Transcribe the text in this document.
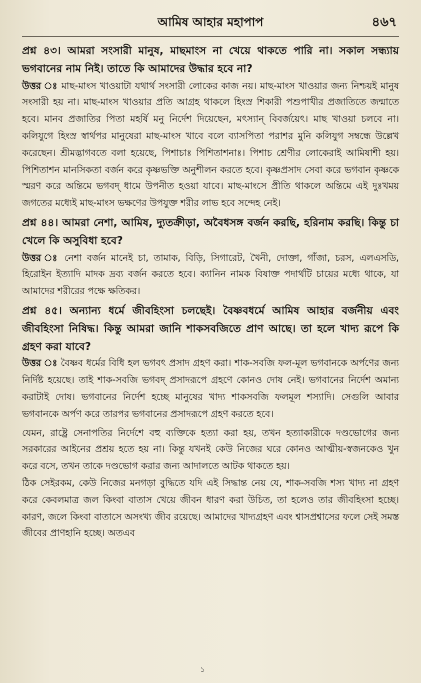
আমিষ আহার মহাপাপ	৪৬৭

প্রশ্ন ৪৩। আমরা সংসারী মানুষ, মাছমাংস না খেয়ে থাকতে পারি না। সকাল সন্ধ্যায় ভগবানের নাম নিই। তাতে কি আমাদের উদ্ধার হবে না?

উত্তর ঃ মাছ-মাংস খাওয়াটা যথার্থ সংসারী লোকের কাজ নয়। মাছ-মাংস খাওয়ার জন্য নিশ্চয়ই মানুষ সংসারী হয় না। মাছ-মাংস খাওয়ার প্রতি আগ্রহ থাকলে হিংস্র শিকারী পশুপাখীর প্রজাতিতে জন্মাতে হবে। মানব প্রজাতির পিতা মহর্ষি মনু নির্দেশ দিয়েছেন, মৎস্যান্ বিবর্জয়েৎ। মাছ খাওয়া চলবে না। কলিযুগে হিংস্র স্বার্থপর মানুষেরা মাছ-মাংস খাবে বলে ব্যাসপিতা পরাশর মুনি কলিযুগ সম্বন্ধে উল্লেখ করেছেন। শ্রীমদ্ভাগবতে বলা হয়েছে, পিশাচাঃ পিশিতাশনাঃ। পিশাচ শ্রেণীর লোকেরাই আমিষাশী হয়। পিশিতাশন মানসিকতা বর্জন করে কৃষ্ণভক্তি অনুশীলন করতে হবে। কৃষ্ণপ্রসাদ সেবা করে ভগবান কৃষ্ণকে স্মরণ করে অন্তিমে ভগবদ্ ধামে উপনীত হওয়া যাবে। মাছ-মাংসে প্রীতি থাকলে অন্তিমে এই দুঃখময় জগতের মধ্যেই মাছ-মাংস ভক্ষণের উপযুক্ত শরীর লাভ হবে সন্দেহ নেই।

প্রশ্ন ৪৪। আমরা নেশা, আমিষ, দ্যুতক্রীড়া, অবৈধসঙ্গ বর্জন করছি, হরিনাম করছি। কিন্তু চা খেলে কি অসুবিধা হবে?

উত্তর ঃ নেশা বর্জন মানেই চা, তামাক, বিড়ি, সিগারেট, খৈনী, দোক্তা, গাঁজা, চরস, এলএসডি, হিরোইন ইত্যাদি মাদক দ্রব্য বর্জন করতে হবে। ক্যানিন নামক বিষাক্ত পদার্থটি চায়ের মধ্যে থাকে, যা আমাদের শরীরের পক্ষে ক্ষতিকর।

প্রশ্ন ৪৫। অন্যান্য ধর্মে জীবহিংসা চলছেই। বৈষ্ণবধর্মে আমিষ আহার বর্জনীয় এবং জীবহিংসা নিষিদ্ধ। কিন্তু আমরা জানি শাকসবজিতে প্রাণ আছে। তা হলে খাদ্য রূপে কি গ্রহণ করা যাবে?

উত্তর ঃ বৈষ্ণব ধর্মের বিধি হল ভগবৎ প্রসাদ গ্রহণ করা। শাক-সবজি ফল-মূল ভগবানকে অর্পণের জন্য নির্দিষ্ট হয়েছে। তাই শাক-সবজি ভগবদ্ প্রসাদরূপে গ্রহণে কোনও দোষ নেই। ভগবানের নির্দেশ অমান্য করাটাই দোষ। ভগবানের নির্দেশ হচ্ছে মানুষের খাদ্য শাকসবজি ফলমূল শস্যাদি। সেগুলি আবার ভগবানকে অর্পণ করে তারপর ভগবানের প্রসাদরূপে গ্রহণ করতে হবে।

যেমন, রাষ্ট্রে সেনাপতির নির্দেশে বহু ব্যক্তিকে হত্যা করা হয়, তখন হত্যাকারীকে দণ্ডভোগের জন্য সরকারের আইনের প্রশ্রয় হতে হয় না। কিন্তু যখনই কেউ নিজের ঘরে কোনও আত্মীয়-স্বজনকেও খুন করে বসে, তখন তাকে দণ্ডভোগ করার জন্য আদালতে আটক থাকতে হয়।

ঠিক সেইরকম, কেউ নিজের মনগড়া বুদ্ধিতে যদি এই সিদ্ধান্ত নেয় যে, শাক-সবজি শস্য খাদ্য না গ্রহণ করে কেবলমাত্র জল কিংবা বাতাস খেয়ে জীবন ধারণ করা উচিত, তা হলেও তার জীবহিংসা হচ্ছে। কারণ, জলে কিংবা বাতাসে অসংখ্য জীব রয়েছে। আমাদের খাদ্যগ্রহণ এবং শ্বাসপ্রশ্বাসের ফলে সেই সমস্ত জীবের প্রাণহানি হচ্ছে। অতএব

১
